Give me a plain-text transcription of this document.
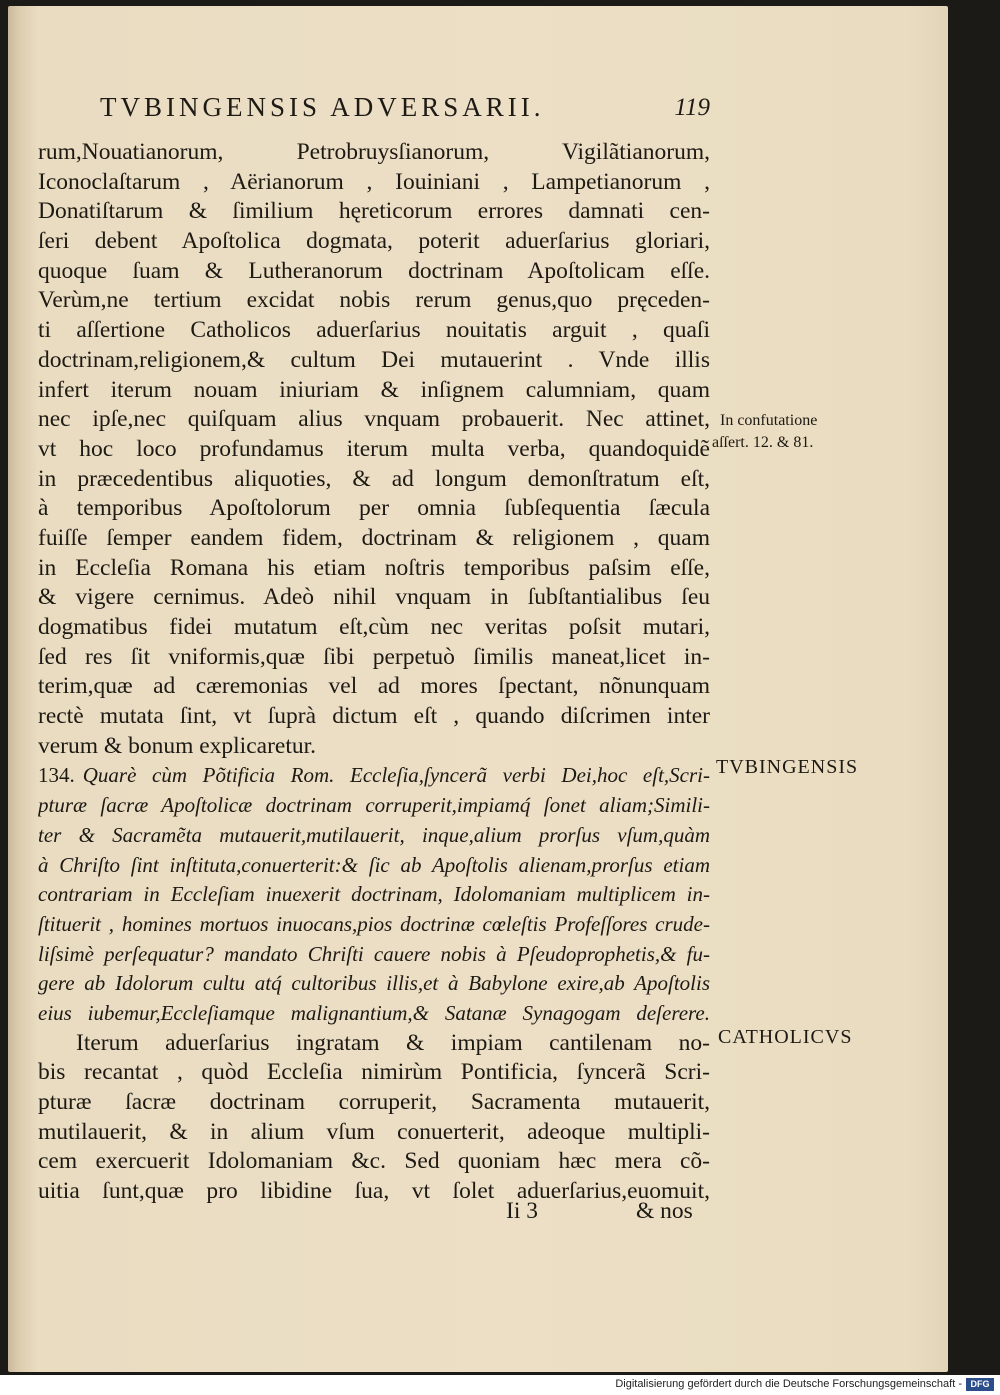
TVBINGENSIS ADVERSARII.	119
rum,Nouatianorum, Petrobruysſianorum, Vigilãtianorum,
Iconoclaſtarum , Aërianorum , Iouiniani , Lampetianorum ,
Donatiſtarum & ſimilium hęreticorum errores damnati cen-
ſeri debent Apoſtolica dogmata, poterit aduerſarius gloriari,
quoque ſuam & Lutheranorum doctrinam Apoſtolicam eſſe.
Verùm,ne tertium excidat nobis rerum genus,quo pręceden-
ti aſſertione Catholicos aduerſarius nouitatis arguit , quaſi
doctrinam,religionem,& cultum Dei mutauerint . Vnde illis
infert iterum nouam iniuriam & inſignem calumniam, quam
nec ipſe,nec quiſquam alius vnquam probauerit. Nec attinet,
vt hoc loco profundamus iterum multa verba, quandoquidẽ
in præcedentibus aliquoties, & ad longum demonſtratum eſt,
à temporibus Apoſtolorum per omnia ſubſequentia ſæcula
fuiſſe ſemper eandem fidem, doctrinam & religionem , quam
in Eccleſia Romana his etiam noſtris temporibus paſsim eſſe,
& vigere cernimus. Adeò nihil vnquam in ſubſtantialibus ſeu
dogmatibus fidei mutatum eſt,cùm nec veritas poſsit mutari,
ſed res ſit vniformis,quæ ſibi perpetuò ſimilis maneat,licet in-
terim,quæ ad cæremonias vel ad mores ſpectant, nõnunquam
rectè mutata ſint, vt ſuprà dictum eſt , quando diſcrimen inter
verum & bonum explicaretur.
134. Quarè cùm Põtificia Rom. Eccleſia,ſyncerã verbi Dei,hoc eſt,Scri-
pturæ ſacræ Apoſtolicæ doctrinam corruperit,impiamq́ ſonet aliam;Simili-
ter & Sacramẽta mutauerit,mutilauerit, inque,alium prorſus vſum,quàm
à Chriſto ſint inſtituta,conuerterit:& ſic ab Apoſtolis alienam,prorſus etiam
contrariam in Eccleſiam inuexerit doctrinam, Idolomaniam multiplicem in-
ſtituerit , homines mortuos inuocans,pios doctrinæ cœleſtis Profeſſores crude-
liſsimè perſequatur? mandato Chriſti cauere nobis à Pſeudoprophetis,& fu-
gere ab Idolorum cultu atq́ cultoribus illis,et à Babylone exire,ab Apoſtolis
eius iubemur,Eccleſiamque malignantium,& Satanæ Synagogam deſerere.
Iterum aduerſarius ingratam & impiam cantilenam no-
bis recantat , quòd Eccleſia nimirùm Pontificia, ſyncerã Scri-
pturæ ſacræ doctrinam corruperit, Sacramenta mutauerit,
mutilauerit, & in alium vſum conuerterit, adeoque multipli-
cem exercuerit Idolomaniam &c. Sed quoniam hæc mera cõ-
uitia ſunt,quæ pro libidine ſua, vt ſolet aduerſarius,euomuit,
In confutatione
aſſert. 12. & 81.
TVBINGENSIS
CATHOLICVS
Ii 3	& nos
Digitalisierung gefördert durch die Deutsche Forschungsgemeinschaft - DFG
